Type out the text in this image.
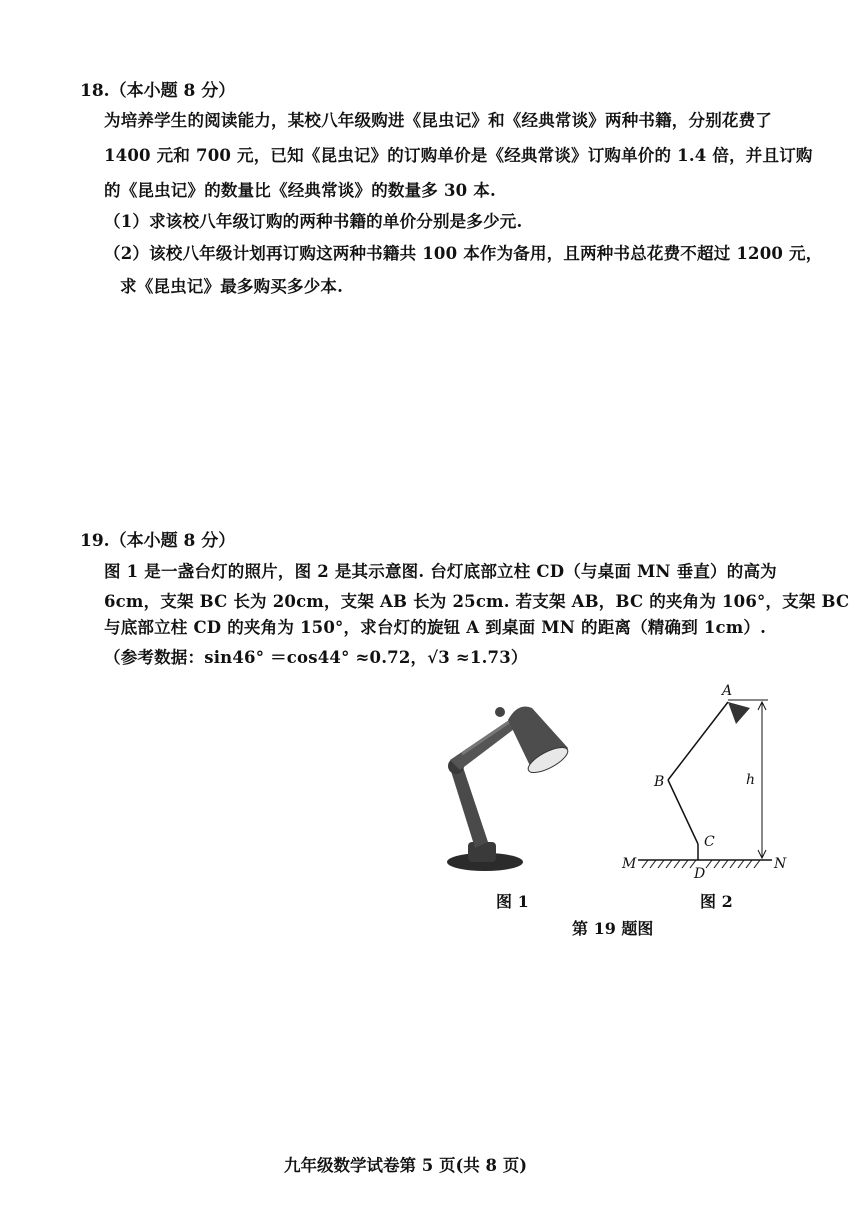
18.（本小题 8 分）
为培养学生的阅读能力，某校八年级购进《昆虫记》和《经典常谈》两种书籍，分别花费了
1400 元和 700 元，已知《昆虫记》的订购单价是《经典常谈》订购单价的 1.4 倍，并且订购
的《昆虫记》的数量比《经典常谈》的数量多 30 本.
（1）求该校八年级订购的两种书籍的单价分别是多少元.
（2）该校八年级计划再订购这两种书籍共 100 本作为备用，且两种书总花费不超过 1200 元，
求《昆虫记》最多购买多少本.
19.（本小题 8 分）
图 1 是一盏台灯的照片，图 2 是其示意图. 台灯底部立柱 CD（与桌面 MN 垂直）的高为
6cm，支架 BC 长为 20cm，支架 AB 长为 25cm. 若支架 AB，BC 的夹角为 106°，支架 BC
与底部立柱 CD 的夹角为 150°，求台灯的旋钮 A 到桌面 MN 的距离（精确到 1cm）.
（参考数据：sin46° ＝cos44° ≈0.72，√3 ≈1.73）
A
B
C
D
M	N
h
图 1	图 2
第 19 题图
九年级数学试卷第 5 页(共 8 页)
